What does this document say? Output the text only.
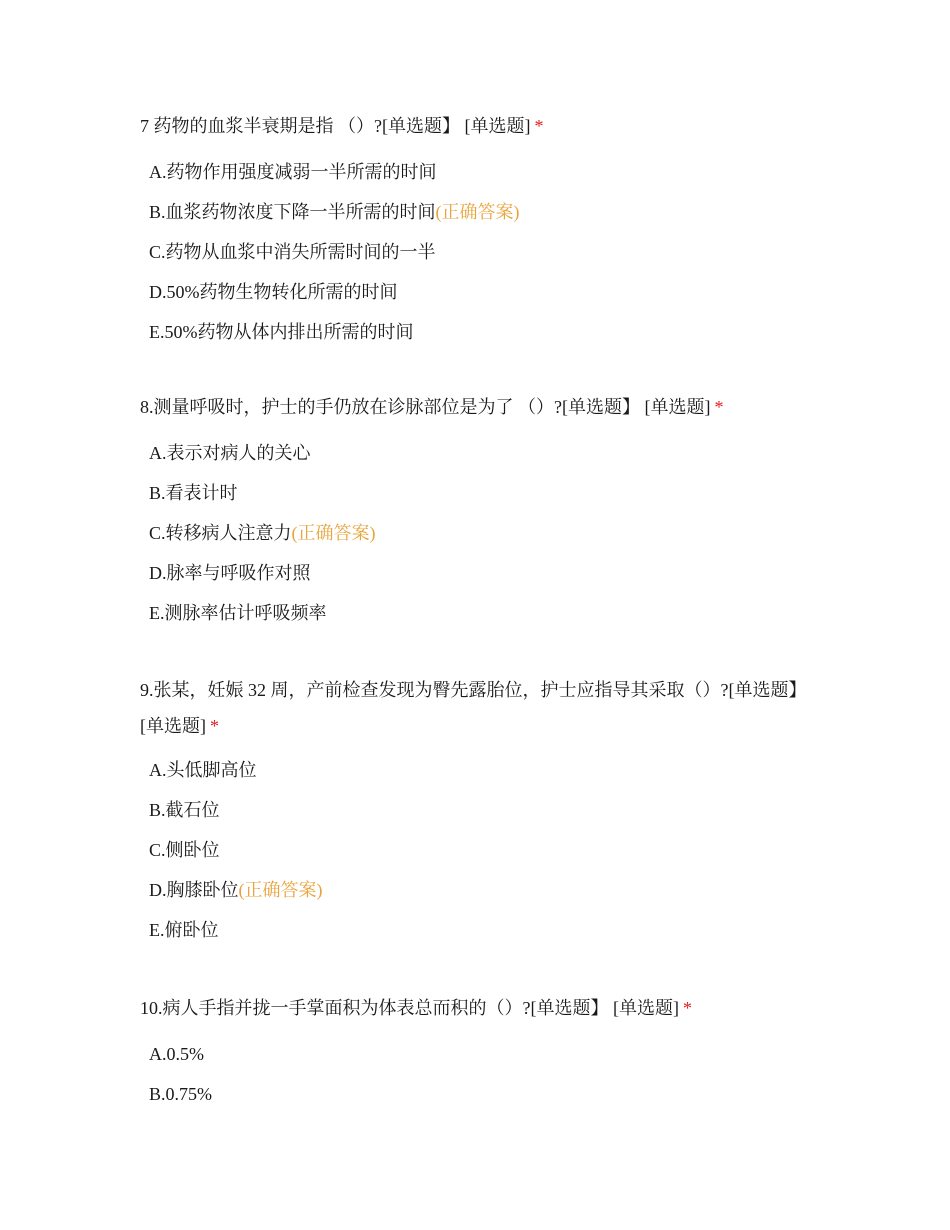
7 药物的血浆半衰期是指 （）?[单选题】 [单选题] *

A.药物作用强度减弱一半所需的时间
B.血浆药物浓度下降一半所需的时间(正确答案)
C.药物从血浆中消失所需时间的一半
D.50%药物生物转化所需的时间
E.50%药物从体内排出所需的时间

8.测量呼吸时，护士的手仍放在诊脉部位是为了 （）?[单选题】 [单选题] *

A.表示对病人的关心
B.看表计时
C.转移病人注意力(正确答案)
D.脉率与呼吸作对照
E.测脉率估计呼吸频率

9.张某，妊娠 32 周，产前检查发现为臀先露胎位，护士应指导其采取（）?[单选题】 [单选题] *

A.头低脚高位
B.截石位
C.侧卧位
D.胸膝卧位(正确答案)
E.俯卧位

10.病人手指并拢一手掌面积为体表总而积的（）?[单选题】 [单选题] *

A.0.5%
B.0.75%
